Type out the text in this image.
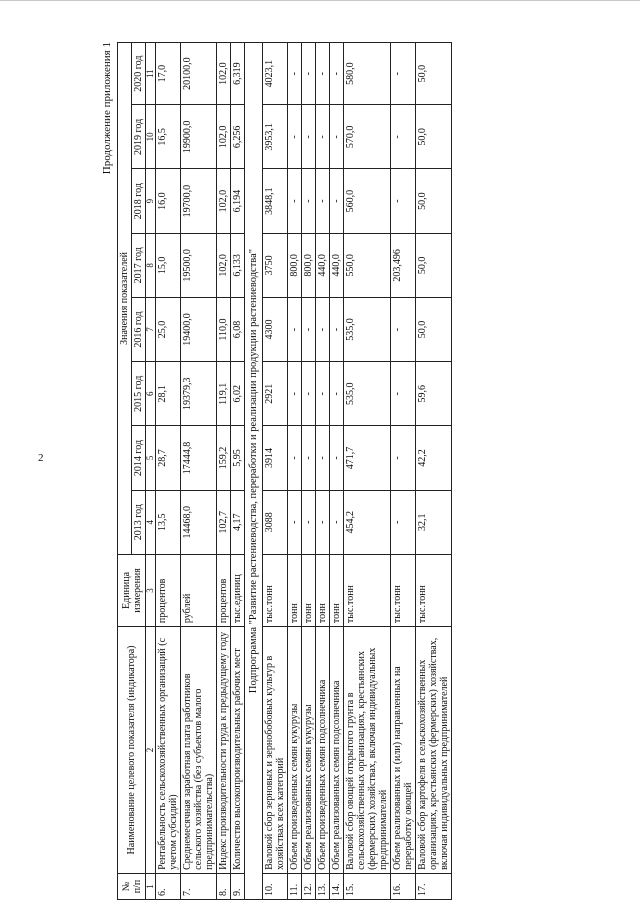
2
Продолжение приложения 1
№ п/п	Наименование целевого показателя (индикатора)	Единица измерения	Значения показателей							
			2013 год	2014 год	2015 год	2016 год	2017 год	2018 год	2019 год	2020 год
1	2	3	4	5	6	7	8	9	10	11
6.	Рентабельность сельскохозяйственных организаций (с учетом субсидий)	процентов	13,5	28,7	28,1	25,0	15,0	16,0	16,5	17,0
7.	Среднемесячная заработная плата работников сельского хозяйства (без субъектов малого предпринимательства)	рублей	14468,0	17444,8	19379,3	19400,0	19500,0	19700,0	19900,0	20100,0
8.	Индекс производительности труда к предыдущему году	процентов	102,7	159,2	119,1	110,0	102,0	102,0	102,0	102,0
9.	Количество высокопроизводительных рабочих мест	тыс.единиц	4,17	5,95	6,02	6,08	6,133	6,194	6,256	6,319
Подпрограмма "Развитие растениеводства, переработки и реализации продукции растениеводства"										
10.	Валовой сбор зерновых и зернобобовых культур в хозяйствах всех категорий	тыс.тонн	3088	3914	2921	4300	3750	3848,1	3953,1	4023,1
11.	Объем произведенных семян кукурузы	тонн	-	-	-	-	800,0	-	-	-
12.	Объем реализованных семян кукурузы	тонн	-	-	-	-	800,0	-	-	-
13.	Объем произведенных семян подсолнечника	тонн	-	-	-	-	440,0	-	-	-
14.	Объем реализованных семян подсолнечника	тонн	-	-	-	-	440,0	-	-	-
15.	Валовой сбор овощей открытого грунта в сельскохозяйственных организациях, крестьянских (фермерских) хозяйствах, включая индивидуальных предпринимателей	тыс.тонн	454,2	471,7	535,0	535,0	550,0	560,0	570,0	580,0
16.	Объем реализованных и (или) направленных на переработку овощей	тыс.тонн	-	-	-	-	203,496	-	-	-
17.	Валовой сбор картофеля в сельскохозяйственных организациях, крестьянских (фермерских) хозяйствах, включая индивидуальных предпринимателей	тыс.тонн	32,1	42,2	59,6	50,0	50,0	50,0	50,0	50,0
